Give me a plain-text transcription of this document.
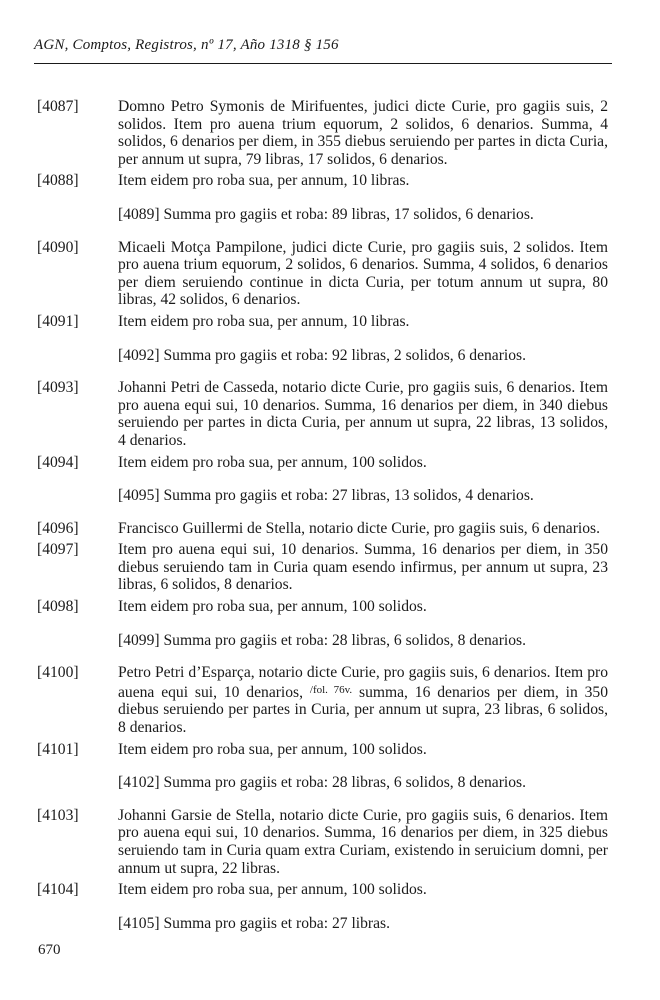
AGN, Comptos, Registros, nº 17, Año 1318 § 156

[4087]	Domno Petro Symonis de Mirifuentes, judici dicte Curie, pro gagiis suis, 2 solidos. Item pro auena trium equorum, 2 solidos, 6 denarios. Summa, 4 solidos, 6 denarios per diem, in 355 diebus seruiendo per partes in dicta Curia, per annum ut supra, 79 libras, 17 solidos, 6 denarios.

[4088]	Item eidem pro roba sua, per annum, 10 libras.

[4089] Summa pro gagiis et roba: 89 libras, 17 solidos, 6 denarios.

[4090]	Micaeli Motça Pampilone, judici dicte Curie, pro gagiis suis, 2 solidos. Item pro auena trium equorum, 2 solidos, 6 denarios. Summa, 4 solidos, 6 denarios per diem seruiendo continue in dicta Curia, per totum annum ut supra, 80 libras, 42 solidos, 6 denarios.

[4091]	Item eidem pro roba sua, per annum, 10 libras.

[4092] Summa pro gagiis et roba: 92 libras, 2 solidos, 6 denarios.

[4093]	Johanni Petri de Casseda, notario dicte Curie, pro gagiis suis, 6 denarios. Item pro auena equi sui, 10 denarios. Summa, 16 denarios per diem, in 340 diebus seruiendo per partes in dicta Curia, per annum ut supra, 22 libras, 13 solidos, 4 denarios.

[4094]	Item eidem pro roba sua, per annum, 100 solidos.

[4095] Summa pro gagiis et roba: 27 libras, 13 solidos, 4 denarios.

[4096]	Francisco Guillermi de Stella, notario dicte Curie, pro gagiis suis, 6 denarios.

[4097]	Item pro auena equi sui, 10 denarios. Summa, 16 denarios per diem, in 350 diebus seruiendo tam in Curia quam esendo infirmus, per annum ut supra, 23 libras, 6 solidos, 8 denarios.

[4098]	Item eidem pro roba sua, per annum, 100 solidos.

[4099] Summa pro gagiis et roba: 28 libras, 6 solidos, 8 denarios.

[4100]	Petro Petri d’Esparça, notario dicte Curie, pro gagiis suis, 6 denarios. Item pro auena equi sui, 10 denarios, $^{/fol. 76v.}$ summa, 16 denarios per diem, in 350 diebus seruiendo per partes in Curia, per annum ut supra, 23 libras, 6 solidos, 8 denarios.

[4101]	Item eidem pro roba sua, per annum, 100 solidos.

[4102] Summa pro gagiis et roba: 28 libras, 6 solidos, 8 denarios.

[4103]	Johanni Garsie de Stella, notario dicte Curie, pro gagiis suis, 6 denarios. Item pro auena equi sui, 10 denarios. Summa, 16 denarios per diem, in 325 diebus seruiendo tam in Curia quam extra Curiam, existendo in seruicium domni, per annum ut supra, 22 libras.

[4104]	Item eidem pro roba sua, per annum, 100 solidos.

[4105] Summa pro gagiis et roba: 27 libras.
670
